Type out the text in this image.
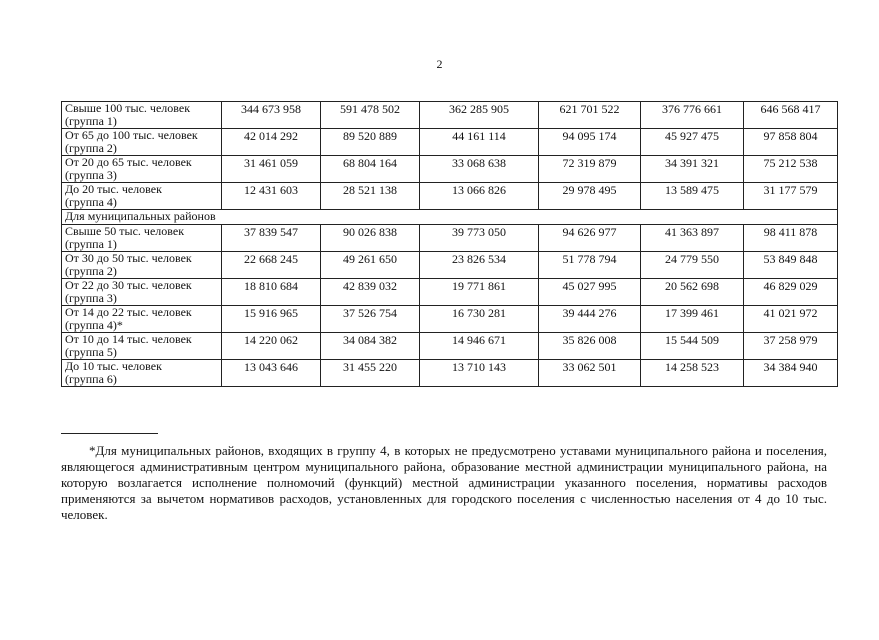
2
Свыше 100 тыс. человек
(группа 1)	344 673 958	591 478 502	362 285 905	621 701 522	376 776 661	646 568 417

От 65 до 100 тыс. человек
(группа 2)	42 014 292	89 520 889	44 161 114	94 095 174	45 927 475	97 858 804

От 20 до 65 тыс. человек
(группа 3)	31 461 059	68 804 164	33 068 638	72 319 879	34 391 321	75 212 538

До 20 тыс. человек
(группа 4)	12 431 603	28 521 138	13 066 826	29 978 495	13 589 475	31 177 579
Для муниципальных районов						

Свыше 50 тыс. человек
(группа 1)	37 839 547	90 026 838	39 773 050	94 626 977	41 363 897	98 411 878

От 30 до 50 тыс. человек
(группа 2)	22 668 245	49 261 650	23 826 534	51 778 794	24 779 550	53 849 848

От 22 до 30 тыс. человек
(группа 3)	18 810 684	42 839 032	19 771 861	45 027 995	20 562 698	46 829 029

От 14 до 22 тыс. человек
(группа 4)*	15 916 965	37 526 754	16 730 281	39 444 276	17 399 461	41 021 972

От 10 до 14 тыс. человек
(группа 5)	14 220 062	34 084 382	14 946 671	35 826 008	15 544 509	37 258 979

До 10 тыс. человек
(группа 6)	13 043 646	31 455 220	13 710 143	33 062 501	14 258 523	34 384 940

*Для муниципальных районов, входящих в группу 4, в которых не предусмотрено уставами муниципального района и поселения, являющегося административным центром муниципального района, образование местной администрации муниципального района, на которую возлагается исполнение полномочий (функций) местной администрации указанного поселения, нормативы расходов применяются за вычетом нормативов расходов, установленных для городского поселения с численностью населения от 4 до 10 тыс. человек.
